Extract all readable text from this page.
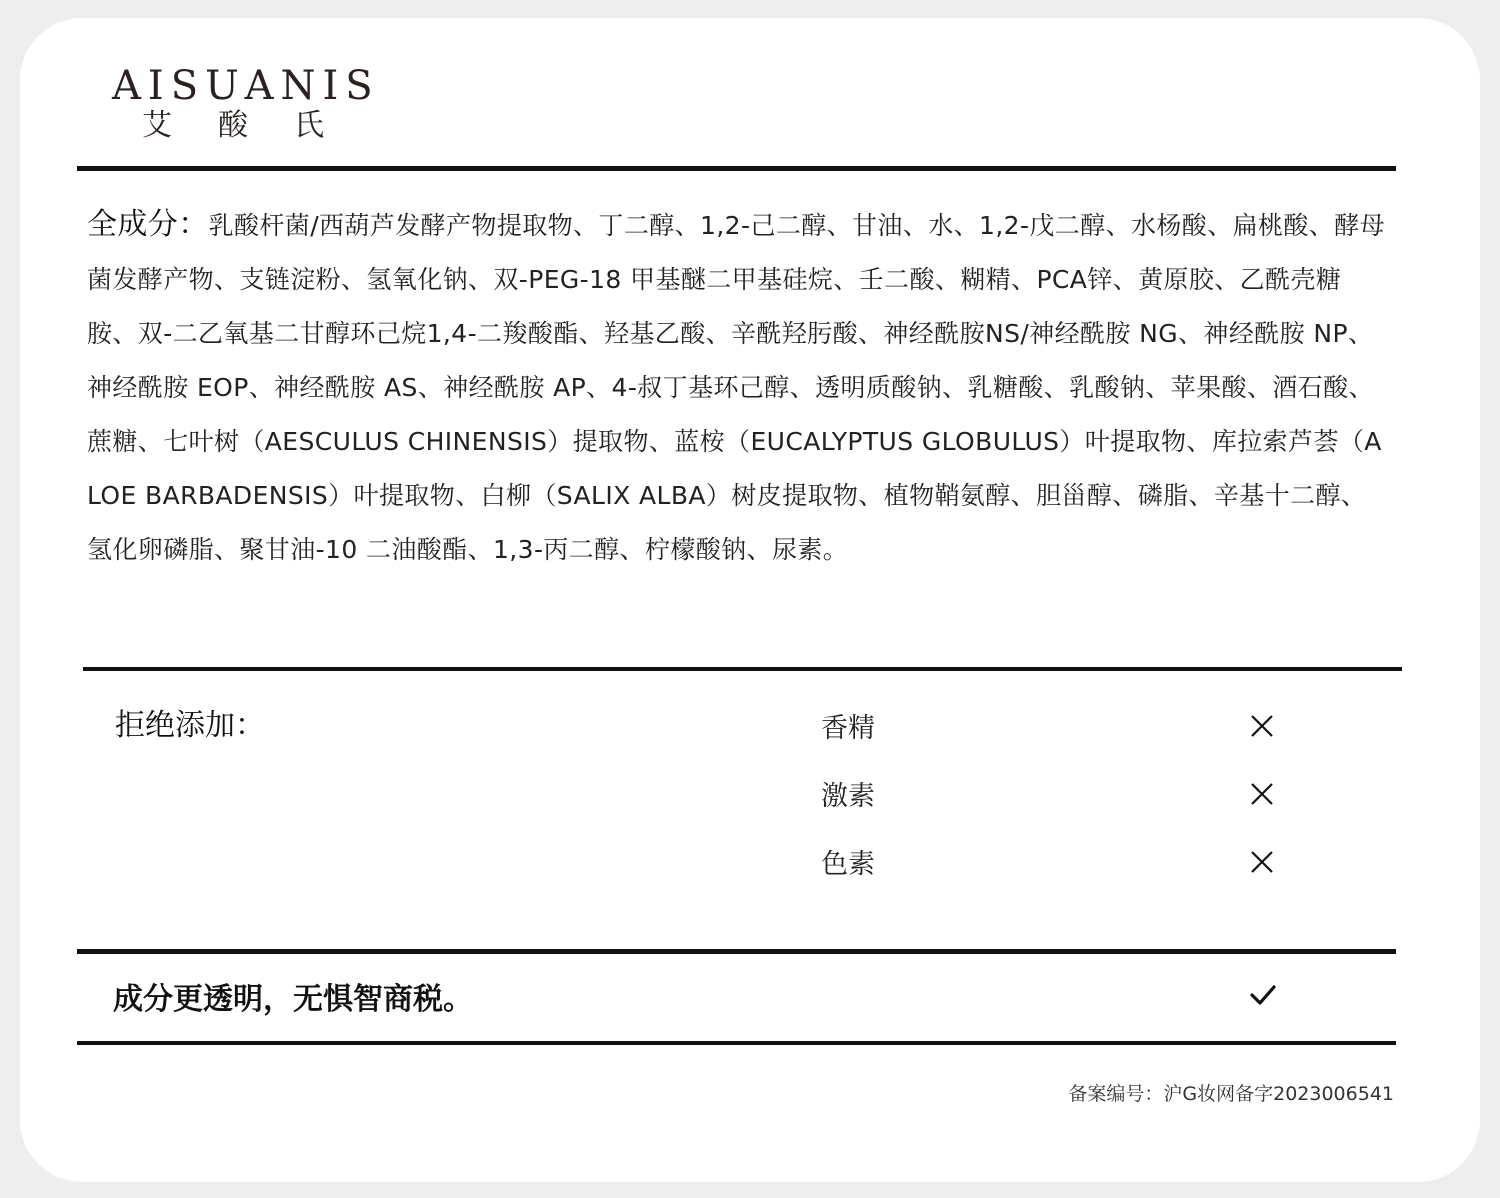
AISUANIS
艾酸氏
全成分：乳酸杆菌/西葫芦发酵产物提取物、丁二醇、1,2-己二醇、甘油、水、1,2-戊二醇、水杨酸、扁桃酸、酵母菌发酵产物、支链淀粉、氢氧化钠、双-PEG-18 甲基醚二甲基硅烷、壬二酸、糊精、PCA锌、黄原胶、乙酰壳糖胺、双-二乙氧基二甘醇环己烷1,4-二羧酸酯、羟基乙酸、辛酰羟肟酸、神经酰胺NS/神经酰胺 NG、神经酰胺 NP、神经酰胺 EOP、神经酰胺 AS、神经酰胺 AP、4-叔丁基环己醇、透明质酸钠、乳糖酸、乳酸钠、苹果酸、酒石酸、蔗糖、七叶树（AESCULUS CHINENSIS）提取物、蓝桉（EUCALYPTUS GLOBULUS）叶提取物、库拉索芦荟（ALOE BARBADENSIS）叶提取物、白柳（SALIX ALBA）树皮提取物、植物鞘氨醇、胆甾醇、磷脂、辛基十二醇、氢化卵磷脂、聚甘油-10 二油酸酯、1,3-丙二醇、柠檬酸钠、尿素。
拒绝添加：	香精
激素
色素
成分更透明，无惧智商税。
备案编号：沪G妆网备字2023006541
